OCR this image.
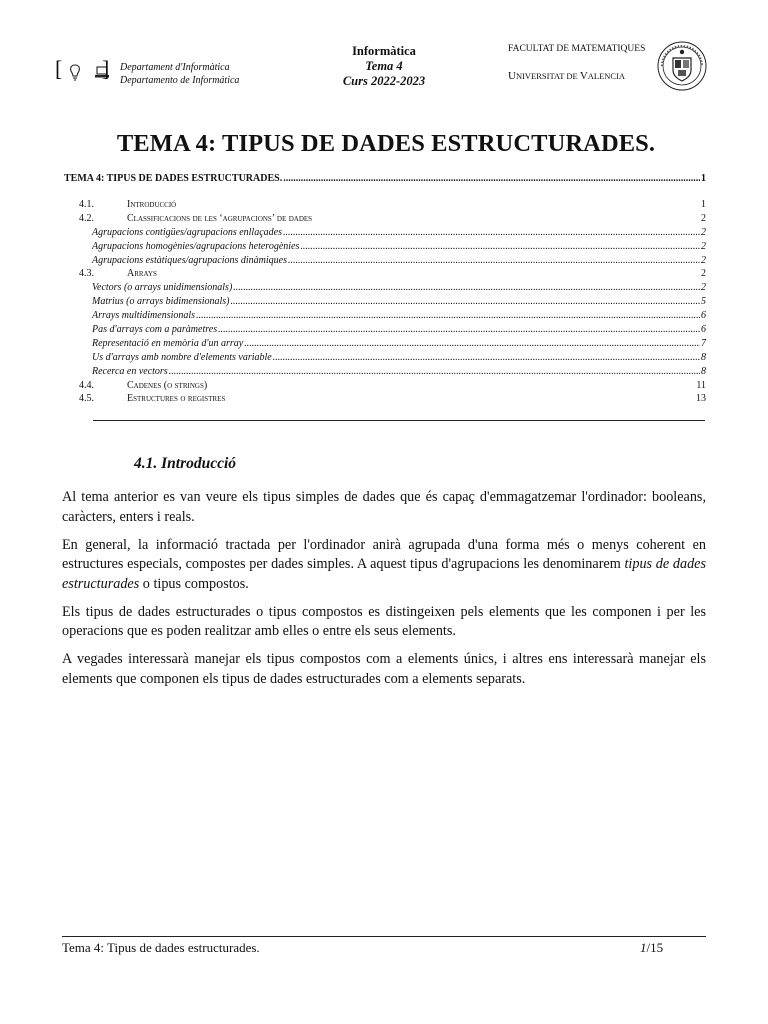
[ ] Departament d'Informàtica
Departamento de Informática
Informàtica
Tema 4
Curs 2022-2023
FACULTAT DE MATEMATIQUES
UNIVERSITAT DE VALENCIA
TEMA 4: TIPUS DE DADES ESTRUCTURADES.
TEMA 4: TIPUS DE DADES ESTRUCTURADES. .....	1
4.1.	Introducció	1
4.2.	Classificacions de les ‘agrupacions’ de dades	2
Agrupacions contigües/agrupacions enllaçades .....	2
Agrupacions homogènies/agrupacions heterogènies .....	2
Agrupacions estàtiques/agrupacions dinàmiques .....	2
4.3.	Arrays	2
Vectors (o arrays unidimensionals) .....	2
Matrius (o arrays bidimensionals) .....	5
Arrays multidimensionals .....	6
Pas d'arrays com a paràmetres .....	6
Representació en memòria d'un array .....	7
Us d'arrays amb nombre d'elements variable .....	8
Recerca en vectors .....	8
4.4.	Cadenes (o strings)	11
4.5.	Estructures o registres	13
4.1. Introducció

Al tema anterior es van veure els tipus simples de dades que és capaç d'emmagatzemar l'ordinador: booleans, caràcters, enters i reals.

En general, la informació tractada per l'ordinador anirà agrupada d'una forma més o menys coherent en estructures especials, compostes per dades simples. A aquest tipus d'agrupacions les denominarem tipus de dades estructurades o tipus compostos.

Els tipus de dades estructurades o tipus compostos es distingeixen pels elements que les componen i per les operacions que es poden realitzar amb elles o entre els seus elements.

A vegades interessarà manejar els tipus compostos com a elements únics, i altres ens interessarà manejar els elements que componen els tipus de dades estructurades com a elements separats.

Tema 4: Tipus de dades estructurades.	1/15
